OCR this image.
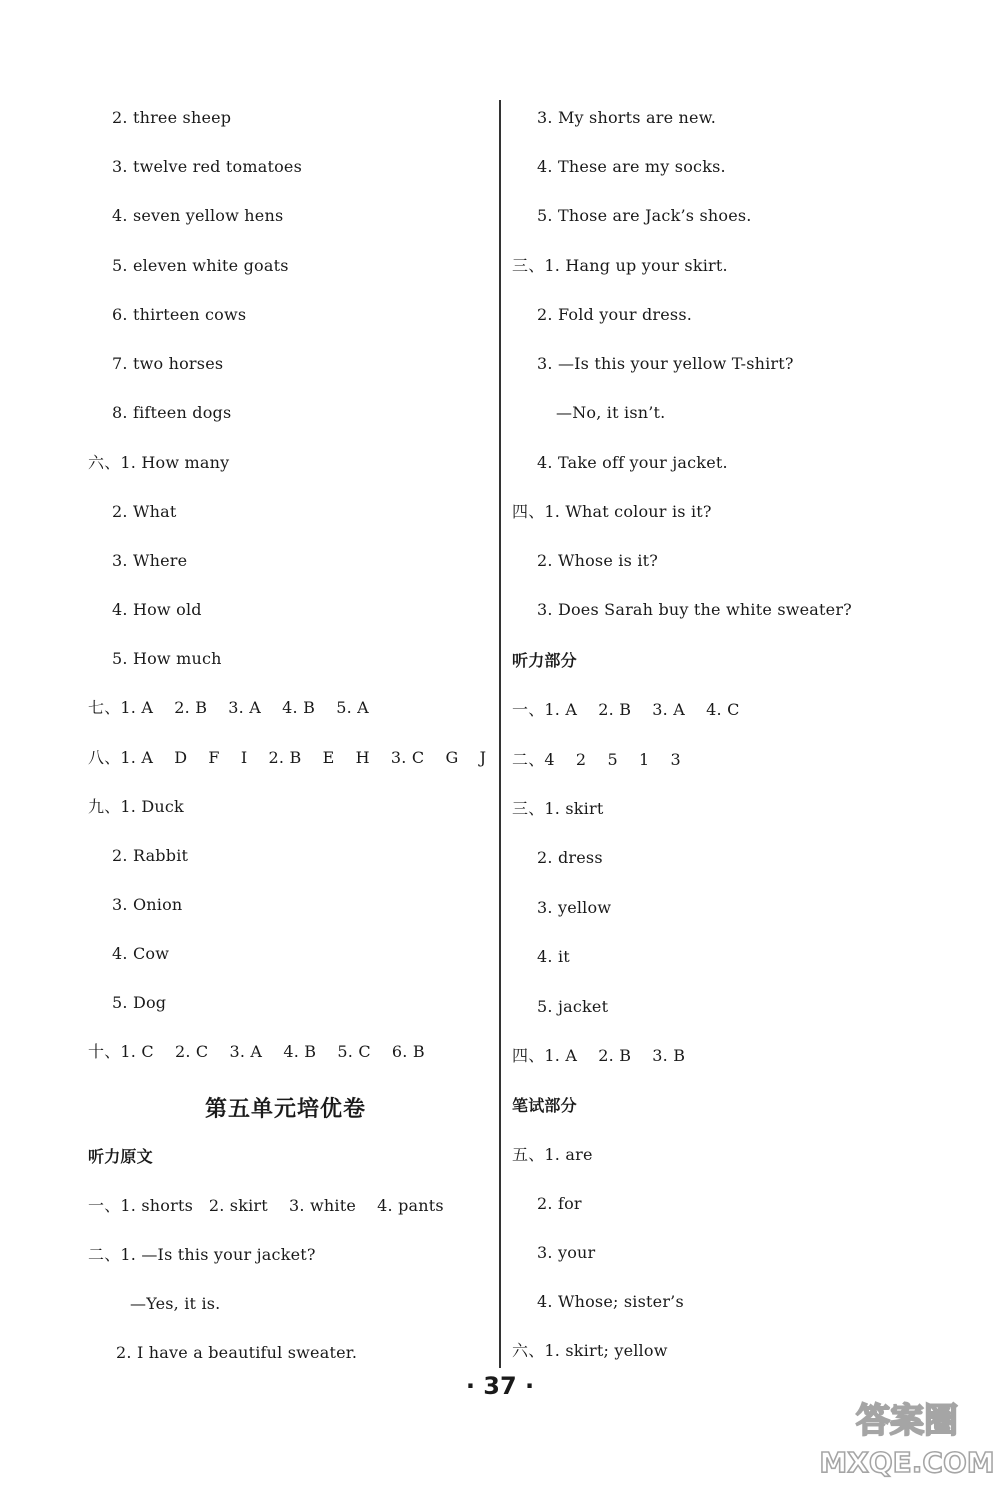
2. three sheep
3. twelve red tomatoes
4. seven yellow hens
5. eleven white goats
6. thirteen cows
7. two horses
8. fifteen dogs
六、1. How many
2. What
3. Where
4. How old
5. How much
七、1. A    2. B    3. A    4. B    5. A
八、1. A    D    F    I    2. B    E    H    3. C    G    J
九、1. Duck
2. Rabbit
3. Onion
4. Cow
5. Dog
十、1. C    2. C    3. A    4. B    5. C    6. B
第五单元培优卷
听力原文
一、1. shorts   2. skirt    3. white    4. pants
二、1. —Is this your jacket?
—Yes, it is.
2. I have a beautiful sweater.
3. My shorts are new.
4. These are my socks.
5. Those are Jack’s shoes.
三、1. Hang up your skirt.
2. Fold your dress.
3. —Is this your yellow T-shirt?
—No, it isn’t.
4. Take off your jacket.
四、1. What colour is it?
2. Whose is it?
3. Does Sarah buy the white sweater?
听力部分
一、1. A    2. B    3. A    4. C
二、4    2    5    1    3
三、1. skirt
2. dress
3. yellow
4. it
5. jacket
四、1. A    2. B    3. B
笔试部分
五、1. are
2. for
3. your
4. Whose; sister’s
六、1. skirt; yellow
· 37 ·
答案圈
MXQE.COM
